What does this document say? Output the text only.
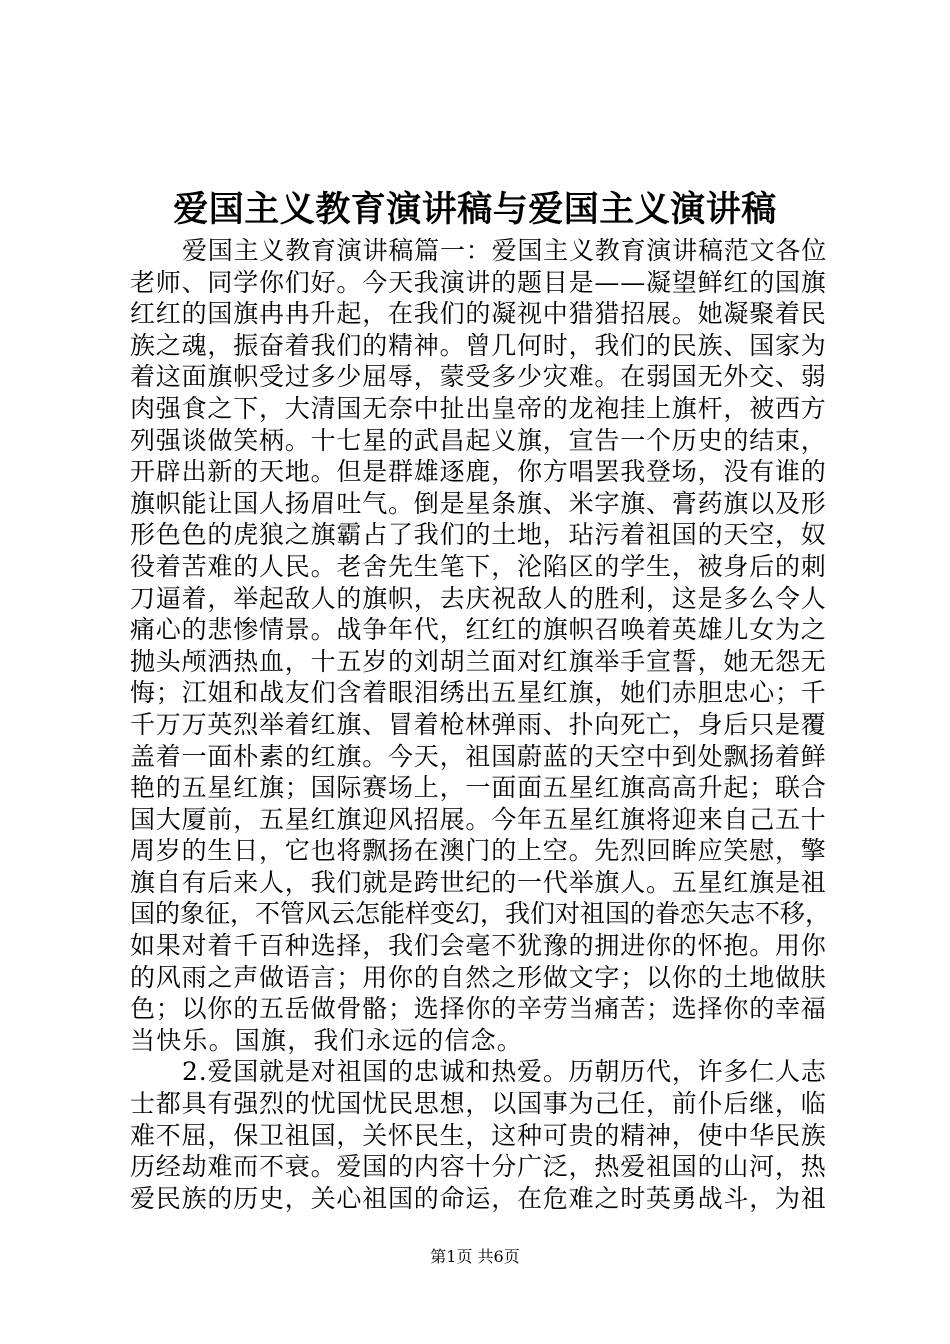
爱国主义教育演讲稿与爱国主义演讲稿
爱国主义教育演讲稿篇一：爱国主义教育演讲稿范文各位
老师、同学你们好。今天我演讲的题目是——凝望鲜红的国旗
红红的国旗冉冉升起，在我们的凝视中猎猎招展。她凝聚着民
族之魂，振奋着我们的精神。曾几何时，我们的民族、国家为
着这面旗帜受过多少屈辱，蒙受多少灾难。在弱国无外交、弱
肉强食之下，大清国无奈中扯出皇帝的龙袍挂上旗杆，被西方
列强谈做笑柄。十七星的武昌起义旗，宣告一个历史的结束，
开辟出新的天地。但是群雄逐鹿，你方唱罢我登场，没有谁的
旗帜能让国人扬眉吐气。倒是星条旗、米字旗、膏药旗以及形
形色色的虎狼之旗霸占了我们的土地，玷污着祖国的天空，奴
役着苦难的人民。老舍先生笔下，沦陷区的学生，被身后的刺
刀逼着，举起敌人的旗帜，去庆祝敌人的胜利，这是多么令人
痛心的悲惨情景。战争年代，红红的旗帜召唤着英雄儿女为之
抛头颅洒热血，十五岁的刘胡兰面对红旗举手宣誓，她无怨无
悔；江姐和战友们含着眼泪绣出五星红旗，她们赤胆忠心；千
千万万英烈举着红旗、冒着枪林弹雨、扑向死亡，身后只是覆
盖着一面朴素的红旗。今天，祖国蔚蓝的天空中到处飘扬着鲜
艳的五星红旗；国际赛场上，一面面五星红旗高高升起；联合
国大厦前，五星红旗迎风招展。今年五星红旗将迎来自己五十
周岁的生日，它也将飘扬在澳门的上空。先烈回眸应笑慰，擎
旗自有后来人，我们就是跨世纪的一代举旗人。五星红旗是祖
国的象征，不管风云怎能样变幻，我们对祖国的眷恋矢志不移，
如果对着千百种选择，我们会毫不犹豫的拥进你的怀抱。用你
的风雨之声做语言；用你的自然之形做文字；以你的土地做肤
色；以你的五岳做骨骼；选择你的辛劳当痛苦；选择你的幸福
当快乐。国旗，我们永远的信念。
2.爱国就是对祖国的忠诚和热爱。历朝历代，许多仁人志
士都具有强烈的忧国忧民思想，以国事为己任，前仆后继，临
难不屈，保卫祖国，关怀民生，这种可贵的精神，使中华民族
历经劫难而不衰。爱国的内容十分广泛，热爱祖国的山河，热
爱民族的历史，关心祖国的命运，在危难之时英勇战斗，为祖
第1页 共6页
